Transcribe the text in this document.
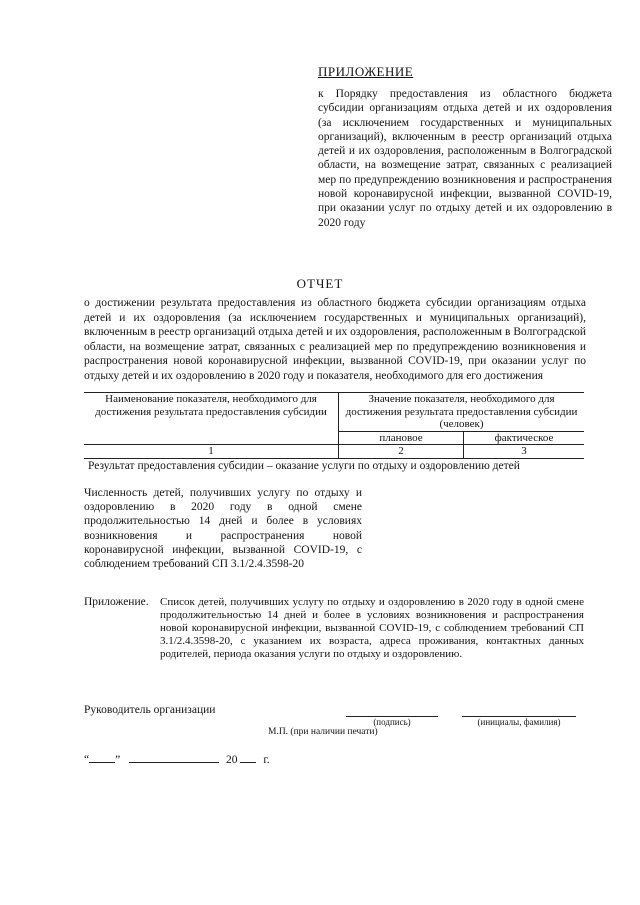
ПРИЛОЖЕНИЕ
к Порядку предоставления из областного бюджета субсидии организациям отдыха детей и их оздоровления (за исключением государственных и муниципальных организаций), включенным в реестр организаций отдыха детей и их оздоровления, расположенным в Волгоградской области, на возмещение затрат, связанных с реализацией мер по предупреждению возникновения и распространения новой коронавирусной инфекции, вызванной COVID-19, при оказании услуг по отдыху детей и их оздоровлению в 2020 году
ОТЧЕТ
о достижении результата предоставления из областного бюджета субсидии организациям отдыха детей и их оздоровления (за исключением государственных и муниципальных организаций), включенным в реестр организаций отдыха детей и их оздоровления, расположенным в Волгоградской области, на возмещение затрат, связанных с реализацией мер по предупреждению возникновения и распространения новой коронавирусной инфекции, вызванной COVID-19, при оказании услуг по отдыху детей и их оздоровлению в 2020 году и показателя, необходимого для его достижения
Наименование показателя, необходимого для достижения результата предоставления субсидии	Значение показателя, необходимого для достижения результата предоставления субсидии (человек)	
	плановое	фактическое
1	2	3
Результат предоставления субсидии – оказание услуги по отдыху и оздоровлению детей
Численность детей, получивших услугу по отдыху и оздоровлению в 2020 году в одной смене продолжительностью 14 дней и более в условиях возникновения и распространения новой коронавирусной инфекции, вызванной COVID-19, с соблюдением требований СП 3.1/2.4.3598-20
Приложение. Список детей, получивших услугу по отдыху и оздоровлению в 2020 году в одной смене продолжительностью 14 дней и более в условиях возникновения и распространения новой коронавирусной инфекции, вызванной COVID-19, с соблюдением требований СП 3.1/2.4.3598-20, с указанием их возраста, адреса проживания, контактных данных родителей, периода оказания услуги по отдыху и оздоровлению.
Руководитель организации
(подпись)	(инициалы, фамилия)
М.П. (при наличии печати)
“ ”	20 г.
